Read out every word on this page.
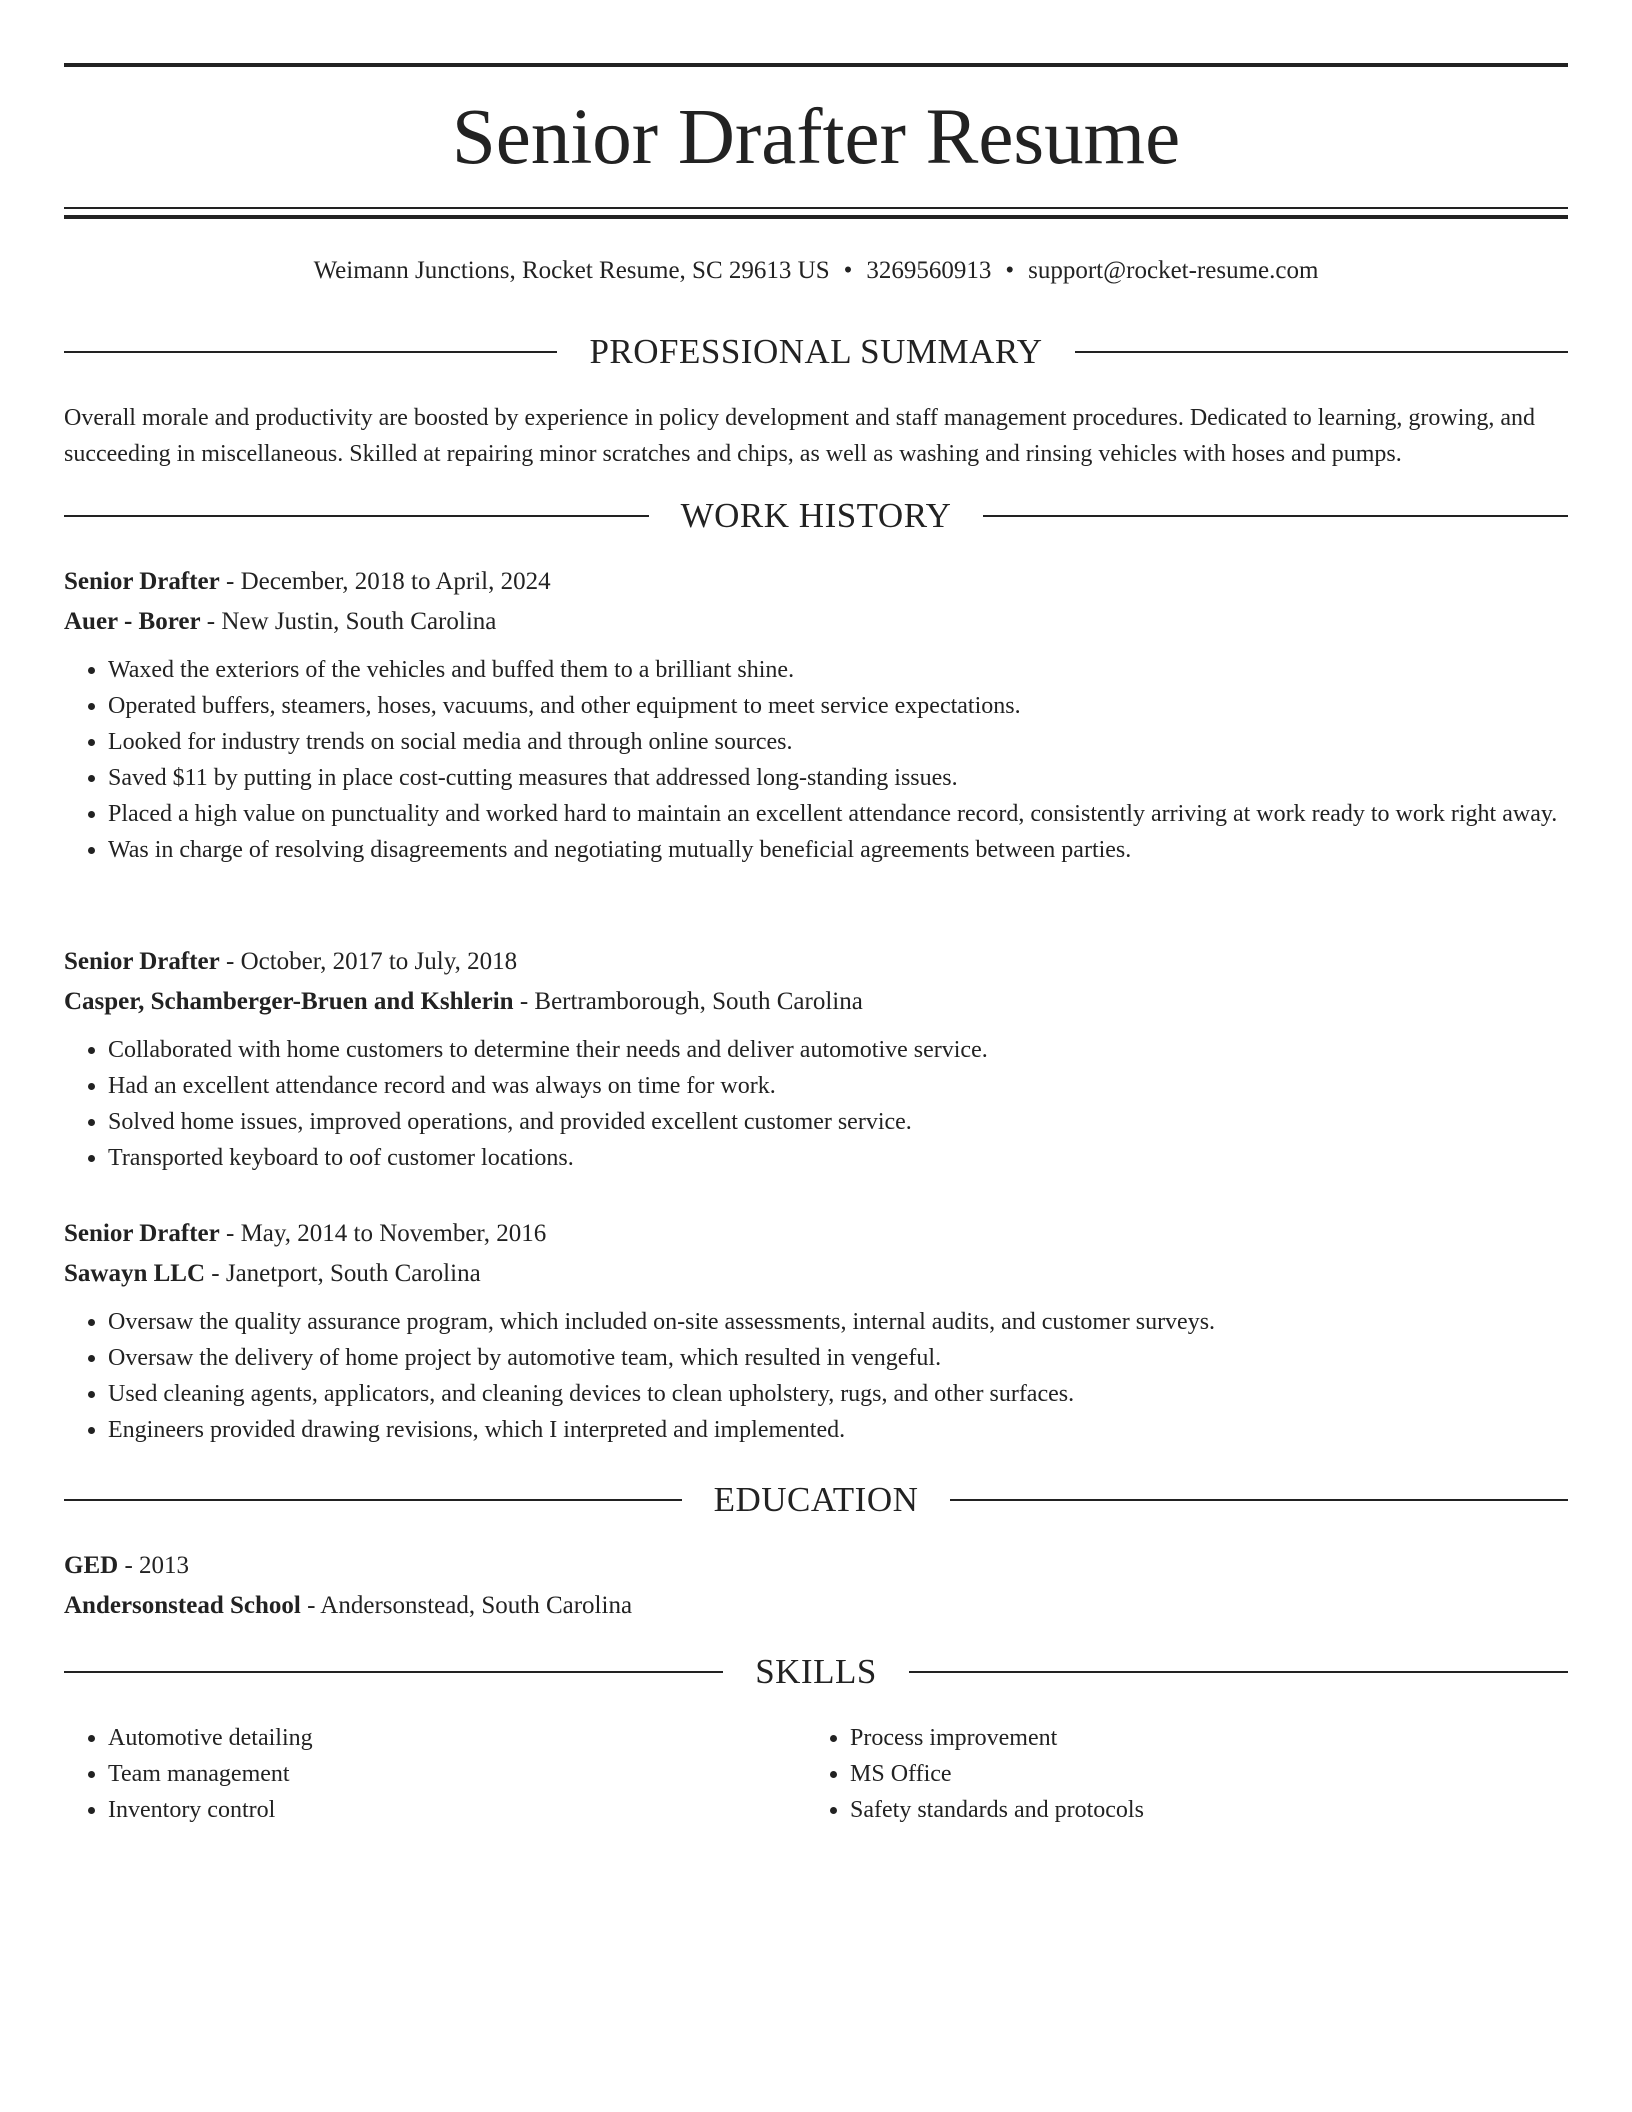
Senior Drafter Resume
Weimann Junctions, Rocket Resume, SC 29613 US • 3269560913 • support@rocket-resume.com
PROFESSIONAL SUMMARY

Overall morale and productivity are boosted by experience in policy development and staff management procedures. Dedicated to learning, growing, and succeeding in miscellaneous. Skilled at repairing minor scratches and chips, as well as washing and rinsing vehicles with hoses and pumps.

WORK HISTORY

Senior Drafter - December, 2018 to April, 2024

Auer - Borer - New Justin, South Carolina

• Waxed the exteriors of the vehicles and buffed them to a brilliant shine.
• Operated buffers, steamers, hoses, vacuums, and other equipment to meet service expectations.
• Looked for industry trends on social media and through online sources.
• Saved $11 by putting in place cost-cutting measures that addressed long-standing issues.
• Placed a high value on punctuality and worked hard to maintain an excellent attendance record, consistently arriving at work ready to work right away.
• Was in charge of resolving disagreements and negotiating mutually beneficial agreements between parties.

Senior Drafter - October, 2017 to July, 2018

Casper, Schamberger-Bruen and Kshlerin - Bertramborough, South Carolina

• Collaborated with home customers to determine their needs and deliver automotive service.
• Had an excellent attendance record and was always on time for work.
• Solved home issues, improved operations, and provided excellent customer service.
• Transported keyboard to oof customer locations.

Senior Drafter - May, 2014 to November, 2016

Sawayn LLC - Janetport, South Carolina

• Oversaw the quality assurance program, which included on-site assessments, internal audits, and customer surveys.
• Oversaw the delivery of home project by automotive team, which resulted in vengeful.
• Used cleaning agents, applicators, and cleaning devices to clean upholstery, rugs, and other surfaces.
• Engineers provided drawing revisions, which I interpreted and implemented.
EDUCATION

GED - 2013

Andersonstead School - Andersonstead, South Carolina

SKILLS
• Automotive detailing
• Team management
• Inventory control
• Process improvement
• MS Office
• Safety standards and protocols
